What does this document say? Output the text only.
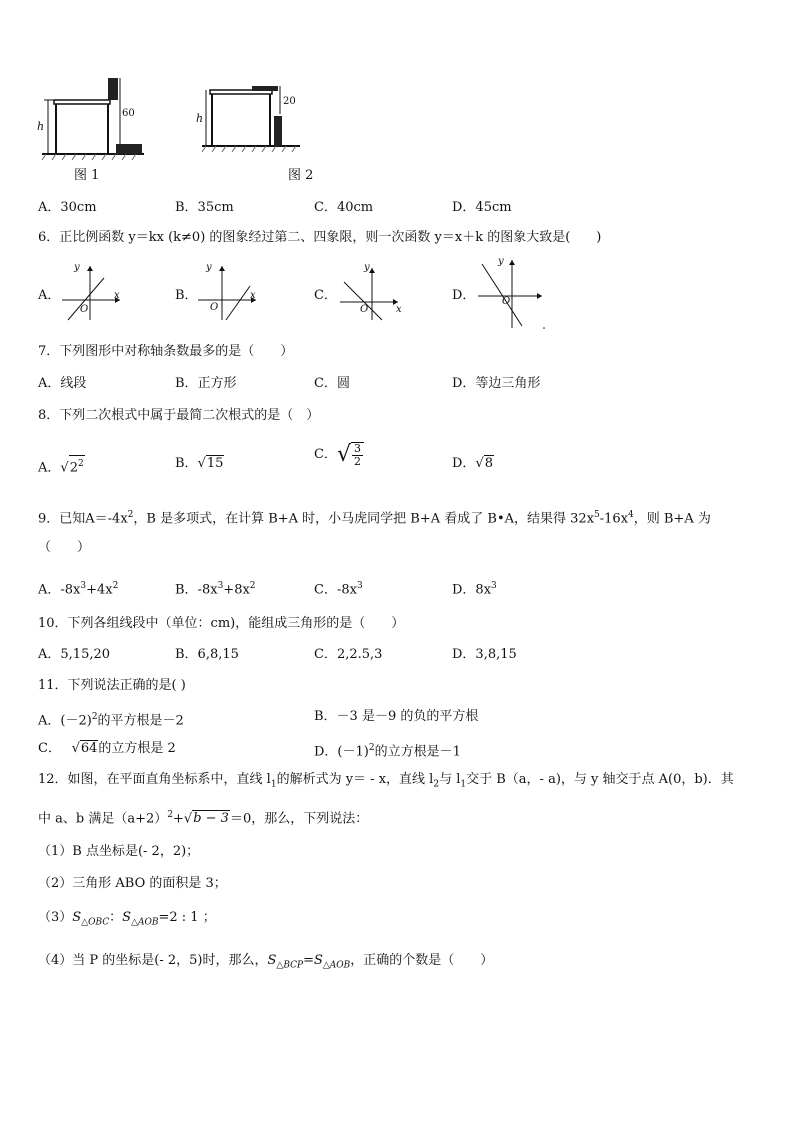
h
60
图 1
h
20
图 2
A．30cm	B．35cm	C．40cm	D．45cm
6．正比例函数 y＝kx (k≠0) 的图象经过第二、四象限，则一次函数 y＝x＋k 的图象大致是(　　)
A．
y
x
O
B．
y
x
O
C．
y
x
O
D．
y
O
7．下列图形中对称轴条数最多的是（　　）
A．线段	B．正方形	C．圆	D．等边三角形
8．下列二次根式中属于最简二次根式的是（　）
A．$√2^2$	B．√15
C．√ $\frac{3}{2}$	D．√8
9．已知$A=-4x^2$，B 是多项式，在计算 B+A 时，小马虎同学把 B+A 看成了 B•A，结果得 $32x^5-16x^4$，则 B+A 为
（　　）
A．$-8x^3+4x^2$	B．$-8x^3+8x^2$	C．$-8x^3$	D．$8x^3$
10．下列各组线段中（单位：cm)，能组成三角形的是（　　）
A．5,15,20	B．6,8,15	C．2,2.5,3	D．3,8,15
11．下列说法正确的是( )
A．$(-2)^2$的平方根是－2	B．－3 是－9 的负的平方根
C．　 √64的立方根是 2	D．$(-1)^2$的立方根是－1
12．如图，在平面直角坐标系中，直线 $l_1$的解析式为 y＝ - x，直线 $l_2$与 $l_1$交于 B（a，- a)，与 y 轴交于点 A(0，b)．其
中 a、b 满足$(a+2)^2+√b - 3=0$，那么，下列说法：
（1）B 点坐标是(- 2，2)；
（2）三角形 ABO 的面积是 3；
$(3)S_{\triangle OBC}$：$S_{\triangle AOB}=2$ : 1 ；
（4）当 P 的坐标是(- 2，5)时，那么，$S_{\triangle BCP}=S_{\triangle AOB}$，正确的个数是（　　）
